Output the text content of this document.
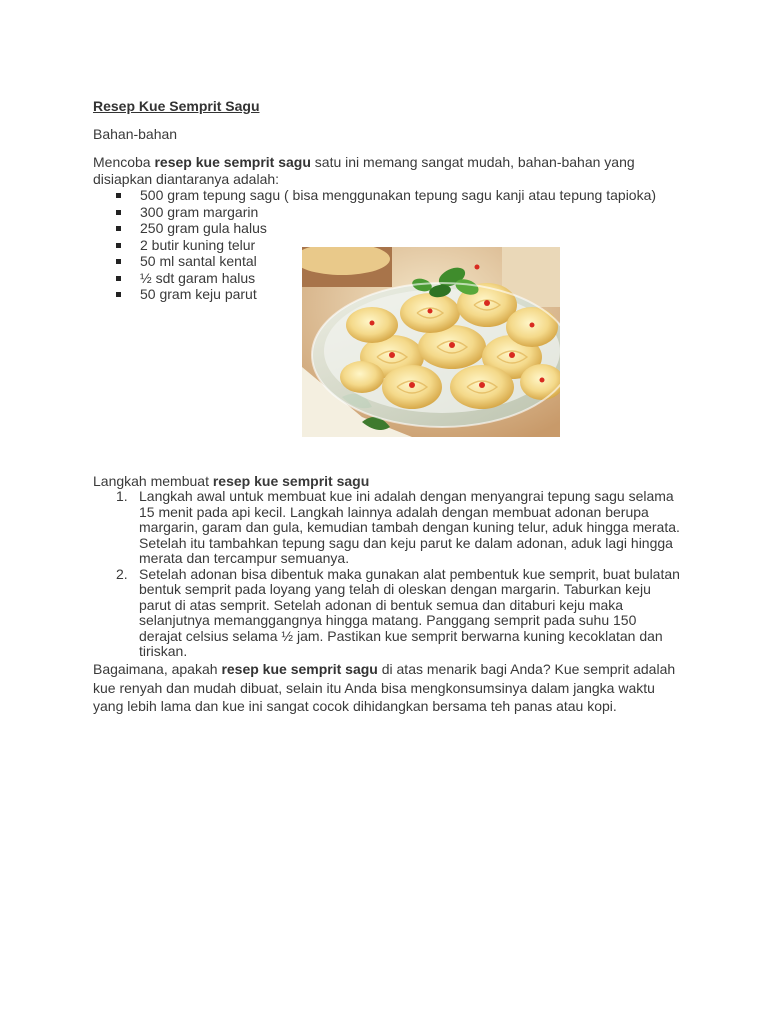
Resep Kue Semprit Sagu
Bahan-bahan
Mencoba resep kue semprit sagu satu ini memang sangat mudah, bahan-bahan yang disiapkan diantaranya adalah:
500 gram tepung sagu ( bisa menggunakan tepung sagu kanji atau tepung tapioka)
300 gram margarin
250 gram gula halus
2 butir kuning telur
50 ml santal kental
½ sdt garam halus
50 gram keju parut
Langkah membuat resep kue semprit sagu
1. Langkah awal untuk membuat kue ini adalah dengan menyangrai tepung sagu selama 15 menit pada api kecil. Langkah lainnya adalah dengan membuat adonan berupa margarin, garam dan gula, kemudian tambah dengan kuning telur, aduk hingga merata. Setelah itu tambahkan tepung sagu dan keju parut ke dalam adonan, aduk lagi hingga merata dan tercampur semuanya.
2. Setelah adonan bisa dibentuk maka gunakan alat pembentuk kue semprit, buat bulatan bentuk semprit pada loyang yang telah di oleskan dengan margarin. Taburkan keju parut di atas semprit. Setelah adonan di bentuk semua dan ditaburi keju maka selanjutnya memanggangnya hingga matang. Panggang semprit pada suhu 150 derajat celsius selama ½ jam. Pastikan kue semprit berwarna kuning kecoklatan dan tiriskan.
Bagaimana, apakah resep kue semprit sagu di atas menarik bagi Anda? Kue semprit adalah kue renyah dan mudah dibuat, selain itu Anda bisa mengkonsumsinya dalam jangka waktu yang lebih lama dan kue ini sangat cocok dihidangkan bersama teh panas atau kopi.
